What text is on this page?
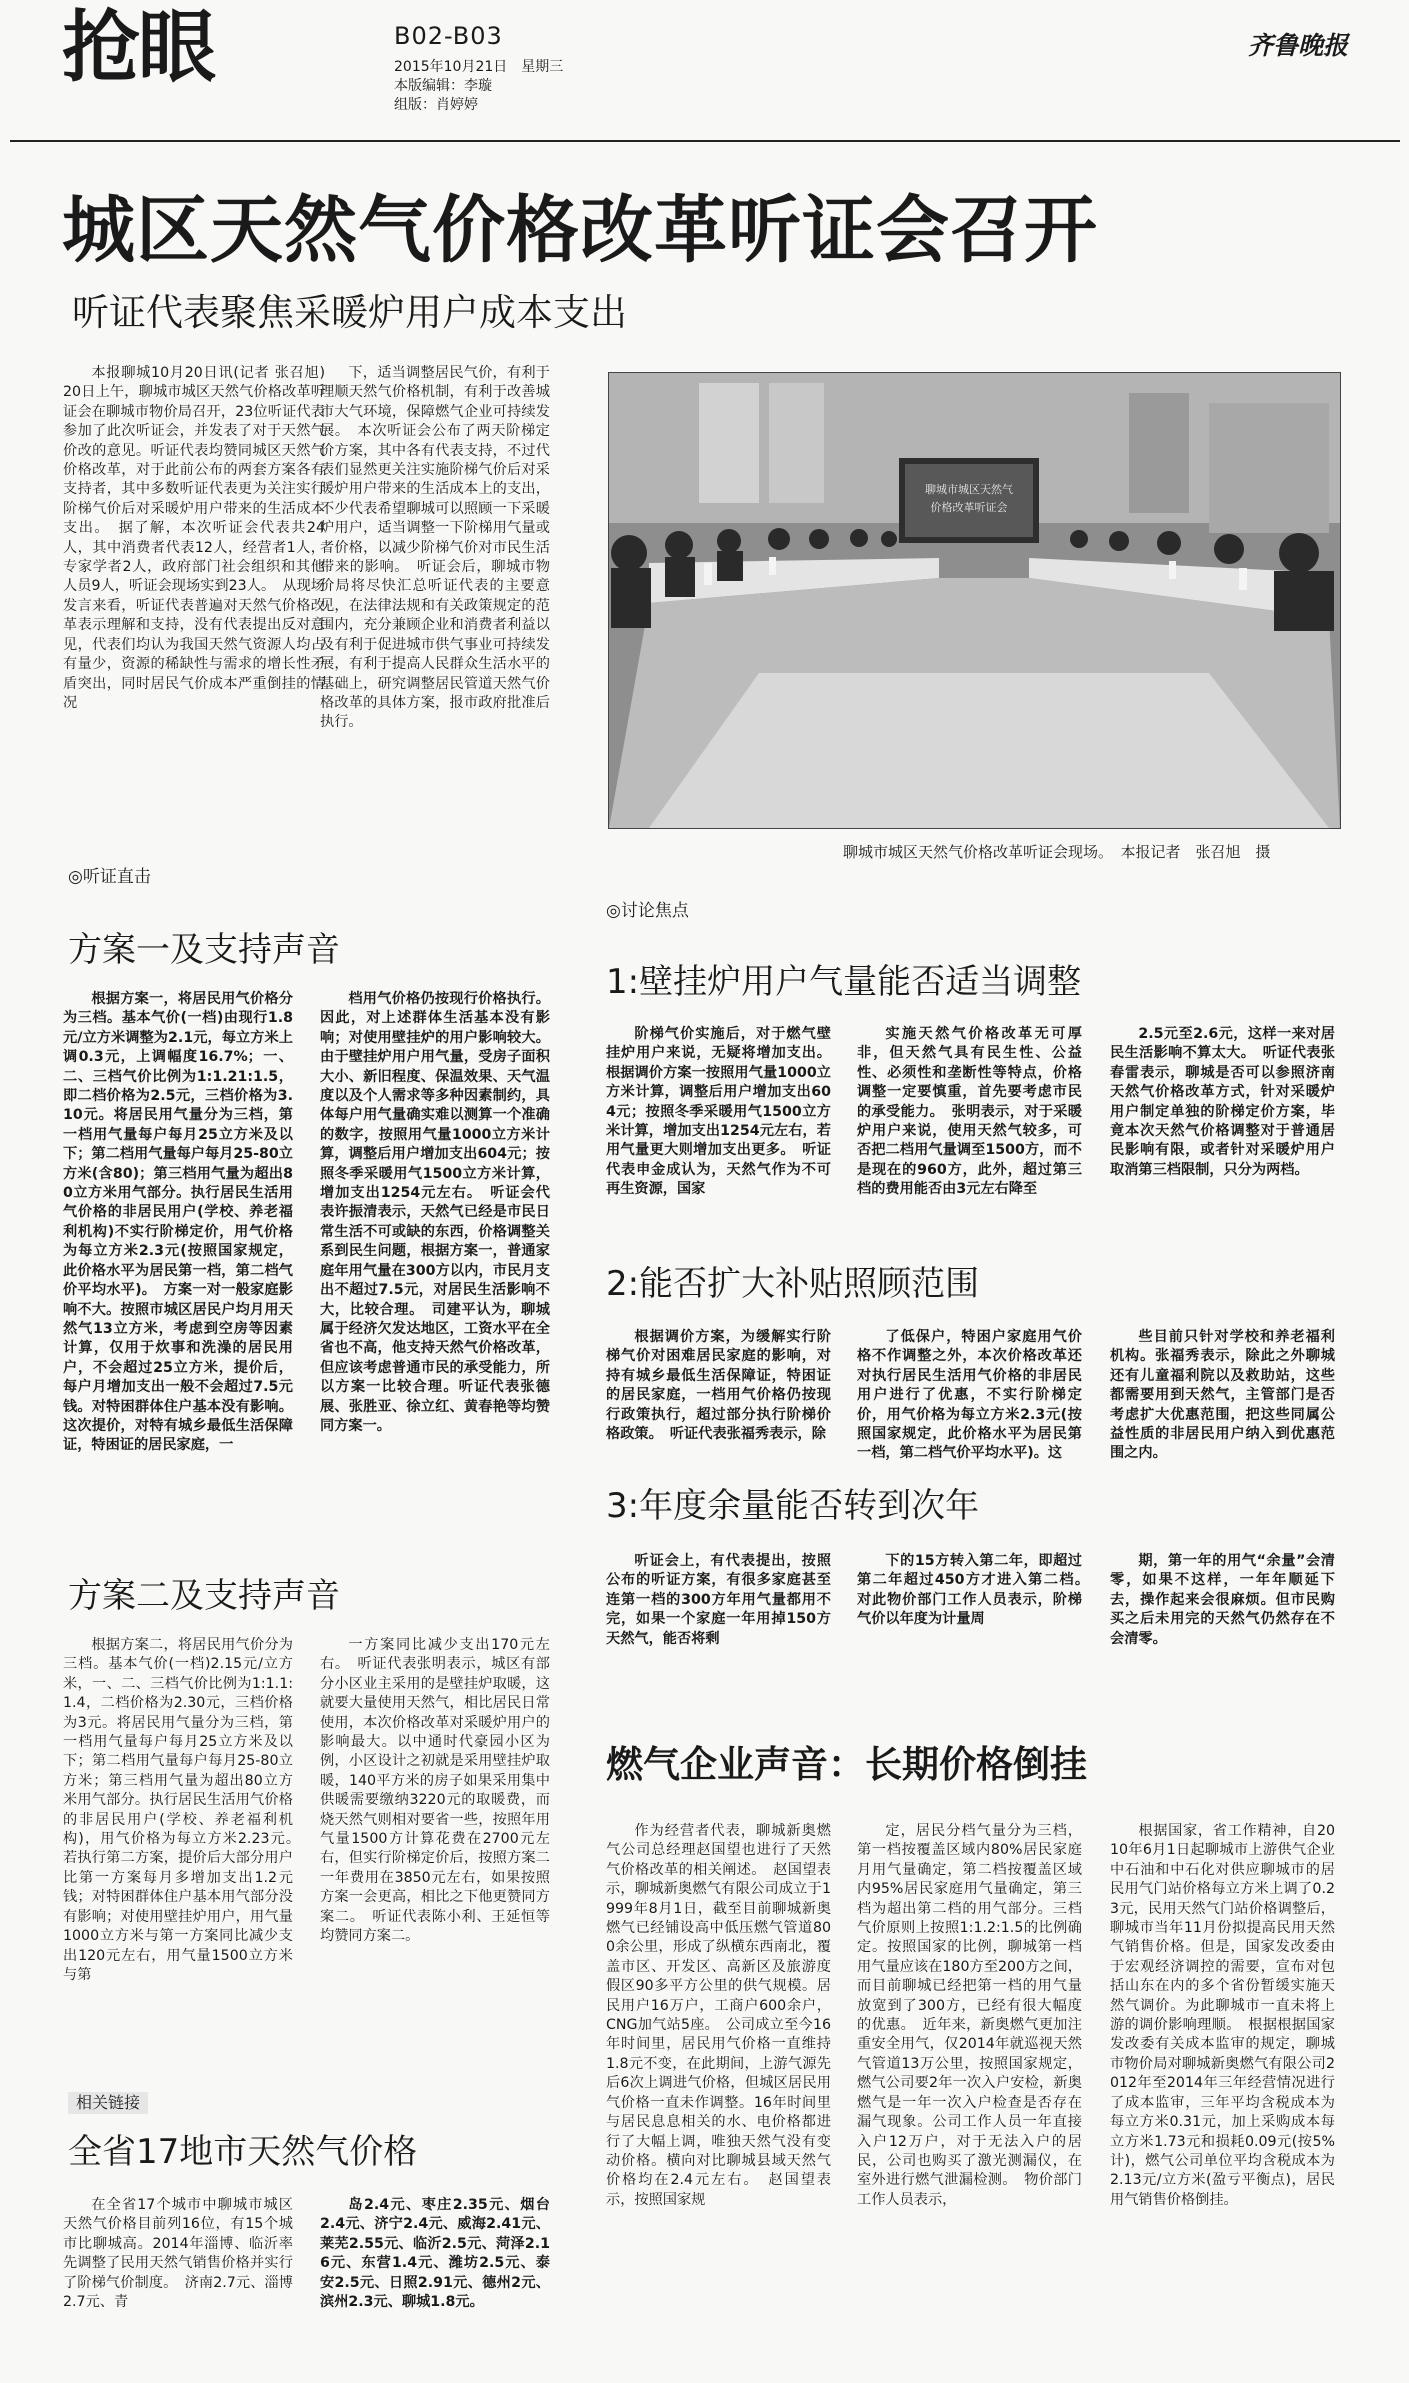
抢眼	B02-B03
2015年10月21日　星期三
本版编辑：李璇
组版：肖婷婷
齐鲁晚报
城区天然气价格改革听证会召开
听证代表聚焦采暖炉用户成本支出
本报聊城10月20日讯(记者 张召旭)　20日上午，聊城市城区天然气价格改革听证会在聊城市物价局召开，23位听证代表参加了此次听证会，并发表了对于天然气价改的意见。听证代表均赞同城区天然气价格改革，对于此前公布的两套方案各有支持者，其中多数听证代表更为关注实行阶梯气价后对采暖炉用户带来的生活成本支出。　据了解，本次听证会代表共24人，其中消费者代表12人，经营者1人，专家学者2人，政府部门社会组织和其他人员9人，听证会现场实到23人。　从现场发言来看，听证代表普遍对天然气价格改革表示理解和支持，没有代表提出反对意见，代表们均认为我国天然气资源人均占有量少，资源的稀缺性与需求的增长性矛盾突出，同时居民气价成本严重倒挂的情况
下，适当调整居民气价，有利于理顺天然气价格机制，有利于改善城市大气环境，保障燃气企业可持续发展。　本次听证会公布了两天阶梯定价方案，其中各有代表支持，不过代表们显然更关注实施阶梯气价后对采暖炉用户带来的生活成本上的支出，不少代表希望聊城可以照顾一下采暖炉用户，适当调整一下阶梯用气量或者价格，以减少阶梯气价对市民生活带来的影响。　听证会后，聊城市物价局将尽快汇总听证代表的主要意见，在法律法规和有关政策规定的范围内，充分兼顾企业和消费者利益以及有利于促进城市供气事业可持续发展，有利于提高人民群众生活水平的基础上，研究调整居民管道天然气价格改革的具体方案，报市政府批准后执行。
聊城市城区天然气
价格改革听证会
聊城市城区天然气价格改革听证会现场。　本报记者　张召旭　摄
◎听证直击
方案一及支持声音
根据方案一，将居民用气价格分为三档。基本气价(一档)由现行1.8元/立方米调整为2.1元，每立方米上调0.3元，上调幅度16.7%；一、二、三档气价比例为1:1.21:1.5，即二档价格为2.5元，三档价格为3.10元。将居民用气量分为三档，第一档用气量每户每月25立方米及以下；第二档用气量每户每月25-80立方米(含80)；第三档用气量为超出80立方米用气部分。执行居民生活用气价格的非居民用户(学校、养老福利机构)不实行阶梯定价，用气价格为每立方米2.3元(按照国家规定，此价格水平为居民第一档，第二档气价平均水平)。　方案一对一般家庭影响不大。按照市城区居民户均月用天然气13立方米，考虑到空房等因素计算，仅用于炊事和洗澡的居民用户，不会超过25立方米，提价后，每户月增加支出一般不会超过7.5元钱。对特困群体住户基本没有影响。这次提价，对特有城乡最低生活保障证，特困证的居民家庭，一
档用气价格仍按现行价格执行。因此，对上述群体生活基本没有影响；对使用壁挂炉的用户影响较大。由于壁挂炉用户用气量，受房子面积大小、新旧程度、保温效果、天气温度以及个人需求等多种因素制约，具体每户用气量确实难以测算一个准确的数字，按照用气量1000立方米计算，调整后用户增加支出604元；按照冬季采暖用气1500立方米计算，增加支出1254元左右。　听证会代表许振清表示，天然气已经是市民日常生活不可或缺的东西，价格调整关系到民生问题，根据方案一，普通家庭年用气量在300方以内，市民月支出不超过7.5元，对居民生活影响不大，比较合理。　司建平认为，聊城属于经济欠发达地区，工资水平在全省也不高，他支持天然气价格改革，但应该考虑普通市民的承受能力，所以方案一比较合理。听证代表张德展、张胜亚、徐立红、黄春艳等均赞同方案一。
方案二及支持声音
根据方案二，将居民用气价分为三档。基本气价(一档)2.15元/立方米，一、二、三档气价比例为1:1.1:1.4，二档价格为2.30元，三档价格为3元。将居民用气量分为三档，第一档用气量每户每月25立方米及以下；第二档用气量每户每月25-80立方米；第三档用气量为超出80立方米用气部分。执行居民生活用气价格的非居民用户(学校、养老福利机构)，用气价格为每立方米2.23元。　若执行第二方案，提价后大部分用户比第一方案每月多增加支出1.2元钱；对特困群体住户基本用气部分没有影响；对使用壁挂炉用户，用气量1000立方米与第一方案同比减少支出120元左右，用气量1500立方米与第
一方案同比减少支出170元左右。　听证代表张明表示，城区有部分小区业主采用的是壁挂炉取暖，这就要大量使用天然气，相比居民日常使用，本次价格改革对采暖炉用户的影响最大。以中通时代豪园小区为例，小区设计之初就是采用壁挂炉取暖，140平方米的房子如果采用集中供暖需要缴纳3220元的取暖费，而烧天然气则相对要省一些，按照年用气量1500方计算花费在2700元左右，但实行阶梯定价后，按照方案二一年费用在3850元左右，如果按照方案一会更高，相比之下他更赞同方案二。　听证代表陈小利、王延恒等均赞同方案二。
相关链接
全省17地市天然气价格
在全省17个城市中聊城市城区天然气价格目前列16位，有15个城市比聊城高。2014年淄博、临沂率先调整了民用天然气销售价格并实行了阶梯气价制度。　济南2.7元、淄博2.7元、青
岛2.4元、枣庄2.35元、烟台2.4元、济宁2.4元、威海2.41元、莱芜2.55元、临沂2.5元、菏泽2.16元、东营1.4元、潍坊2.5元、泰安2.5元、日照2.91元、德州2元、滨州2.3元、聊城1.8元。
◎讨论焦点
1:壁挂炉用户气量能否适当调整
阶梯气价实施后，对于燃气壁挂炉用户来说，无疑将增加支出。根据调价方案一按照用气量1000立方米计算，调整后用户增加支出604元；按照冬季采暖用气1500立方米计算，增加支出1254元左右，若用气量更大则增加支出更多。　听证代表申金成认为，天然气作为不可再生资源，国家
实施天然气价格改革无可厚非，但天然气具有民生性、公益性、必须性和垄断性等特点，价格调整一定要慎重，首先要考虑市民的承受能力。　张明表示，对于采暖炉用户来说，使用天然气较多，可否把二档用气量调至1500方，而不是现在的960方，此外，超过第三档的费用能否由3元左右降至
2.5元至2.6元，这样一来对居民生活影响不算太大。　听证代表张春雷表示，聊城是否可以参照济南天然气价格改革方式，针对采暖炉用户制定单独的阶梯定价方案，毕竟本次天然气价格调整对于普通居民影响有限，或者针对采暖炉用户取消第三档限制，只分为两档。
2:能否扩大补贴照顾范围
根据调价方案，为缓解实行阶梯气价对困难居民家庭的影响，对持有城乡最低生活保障证，特困证的居民家庭，一档用气价格仍按现行政策执行，超过部分执行阶梯价格政策。　听证代表张福秀表示，除
了低保户，特困户家庭用气价格不作调整之外，本次价格改革还对执行居民生活用气价格的非居民用户进行了优惠，不实行阶梯定价，用气价格为每立方米2.3元(按照国家规定，此价格水平为居民第一档，第二档气价平均水平)。这
些目前只针对学校和养老福利机构。张福秀表示，除此之外聊城还有儿童福利院以及救助站，这些都需要用到天然气，主管部门是否考虑扩大优惠范围，把这些同属公益性质的非居民用户纳入到优惠范围之内。
3:年度余量能否转到次年
听证会上，有代表提出，按照公布的听证方案，有很多家庭甚至连第一档的300方年用气量都用不完，如果一个家庭一年用掉150方天然气，能否将剩
下的15方转入第二年，即超过第二年超过450方才进入第二档。　对此物价部门工作人员表示，阶梯气价以年度为计量周
期，第一年的用气“余量”会清零，如果不这样，一年年顺延下去，操作起来会很麻烦。但市民购买之后未用完的天然气仍然存在不会清零。
燃气企业声音：长期价格倒挂
作为经营者代表，聊城新奥燃气公司总经理赵国望也进行了天然气价格改革的相关阐述。　赵国望表示，聊城新奥燃气有限公司成立于1999年8月1日，截至目前聊城新奥燃气已经铺设高中低压燃气管道800余公里，形成了纵横东西南北，覆盖市区、开发区、高新区及旅游度假区90多平方公里的供气规模。居民用户16万户，工商户600余户，CNG加气站5座。　公司成立至今16年时间里，居民用气价格一直维持1.8元不变，在此期间，上游气源先后6次上调进气价格，但城区居民用气价格一直未作调整。16年时间里与居民息息相关的水、电价格都进行了大幅上调，唯独天然气没有变动价格。横向对比聊城县域天然气价格均在2.4元左右。　赵国望表示，按照国家规
定，居民分档气量分为三档，第一档按覆盖区域内80%居民家庭月用气量确定，第二档按覆盖区域内95%居民家庭用气量确定，第三档为超出第二档的用气部分。三档气价原则上按照1:1.2:1.5的比例确定。按照国家的比例，聊城第一档用气量应该在180方至200方之间，而目前聊城已经把第一档的用气量放宽到了300方，已经有很大幅度的优惠。　近年来，新奥燃气更加注重安全用气，仅2014年就巡视天然气管道13万公里，按照国家规定，燃气公司要2年一次入户安检，新奥燃气是一年一次入户检查是否存在漏气现象。公司工作人员一年直接入户12万户，对于无法入户的居民，公司也购买了激光测漏仪，在室外进行燃气泄漏检测。　物价部门工作人员表示，
根据国家，省工作精神，自2010年6月1日起聊城市上游供气企业中石油和中石化对供应聊城市的居民用气门站价格每立方米上调了0.23元，民用天然气门站价格调整后，聊城市当年11月份拟提高民用天然气销售价格。但是，国家发改委由于宏观经济调控的需要，宣布对包括山东在内的多个省份暂缓实施天然气调价。为此聊城市一直未将上游的调价影响理顺。　根据根据国家发改委有关成本监审的规定，聊城市物价局对聊城新奥燃气有限公司2012年至2014年三年经营情况进行了成本监审，三年平均含税成本为每立方米0.31元，加上采购成本每立方米1.73元和损耗0.09元(按5%计)，燃气公司单位平均含税成本为2.13元/立方米(盈亏平衡点)，居民用气销售价格倒挂。
